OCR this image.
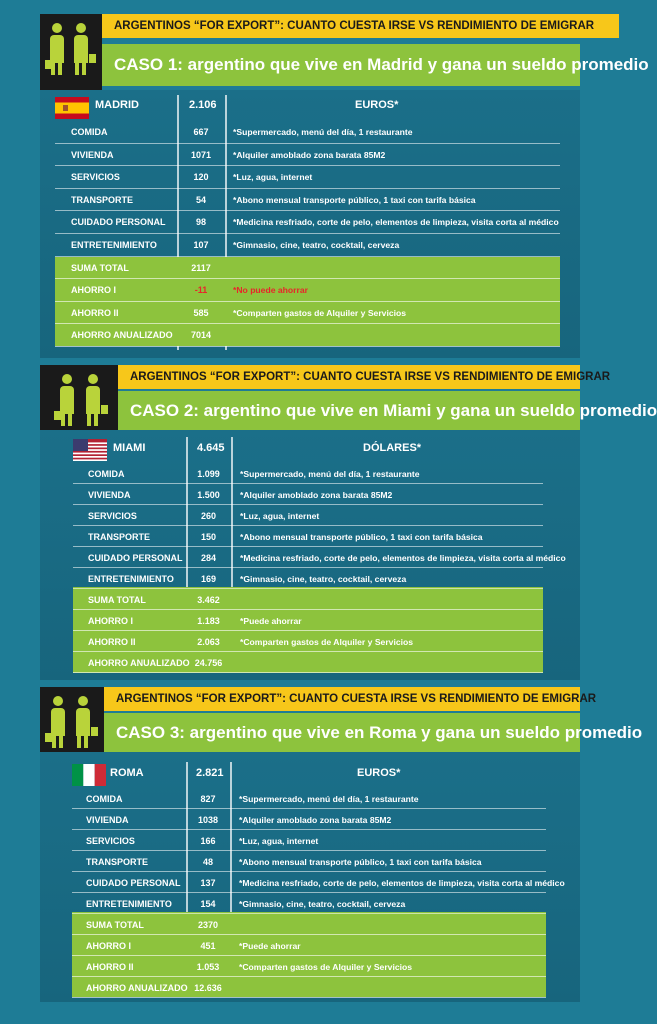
ARGENTINOS “FOR EXPORT”: CUANTO CUESTA IRSE VS RENDIMIENTO DE EMIGRAR
CASO 1: argentino que vive en Madrid y gana un sueldo promedio
MADRID	2.106	EUROS*
COMIDA	667	*Supermercado, menú del día, 1 restaurante
VIVIENDA	1071	*Alquiler amoblado zona barata 85M2
SERVICIOS	120	*Luz, agua, internet
TRANSPORTE	54	*Abono mensual transporte público, 1 taxi con tarifa básica
CUIDADO PERSONAL	98	*Medicina resfriado, corte de pelo, elementos de limpieza, visita corta al médico
ENTRETENIMIENTO	107	*Gimnasio, cine, teatro, cocktail, cerveza
SUMA TOTAL	2117
AHORRO I	-11	*No puede ahorrar
AHORRO II	585	*Comparten gastos de Alquiler y Servicios
AHORRO ANUALIZADO	7014
ARGENTINOS “FOR EXPORT”: CUANTO CUESTA IRSE VS RENDIMIENTO DE EMIGRAR
CASO 2: argentino que vive en Miami y gana un sueldo promedio
MIAMI	4.645	DÓLARES*
COMIDA	1.099	*Supermercado, menú del día, 1 restaurante
VIVIENDA	1.500	*Alquiler amoblado zona barata 85M2
SERVICIOS	260	*Luz, agua, internet
TRANSPORTE	150	*Abono mensual transporte público, 1 taxi con tarifa básica
CUIDADO PERSONAL	284	*Medicina resfriado, corte de pelo, elementos de limpieza, visita corta al médico
ENTRETENIMIENTO	169	*Gimnasio, cine, teatro, cocktail, cerveza
SUMA TOTAL	3.462
AHORRO I	1.183	*Puede ahorrar
AHORRO II	2.063	*Comparten gastos de Alquiler y Servicios
AHORRO ANUALIZADO 24.756
ARGENTINOS “FOR EXPORT”: CUANTO CUESTA IRSE VS RENDIMIENTO DE EMIGRAR
CASO 3: argentino que vive en Roma y gana un sueldo promedio
ROMA	2.821	EUROS*
COMIDA	827	*Supermercado, menú del día, 1 restaurante
VIVIENDA	1038	*Alquiler amoblado zona barata 85M2
SERVICIOS	166	*Luz, agua, internet
TRANSPORTE	48	*Abono mensual transporte público, 1 taxi con tarifa básica
CUIDADO PERSONAL	137	*Medicina resfriado, corte de pelo, elementos de limpieza, visita corta al médico
ENTRETENIMIENTO	154	*Gimnasio, cine, teatro, cocktail, cerveza
SUMA TOTAL	2370
AHORRO I	451	*Puede ahorrar
AHORRO II	1.053	*Comparten gastos de Alquiler y Servicios
AHORRO ANUALIZADO 12.636
